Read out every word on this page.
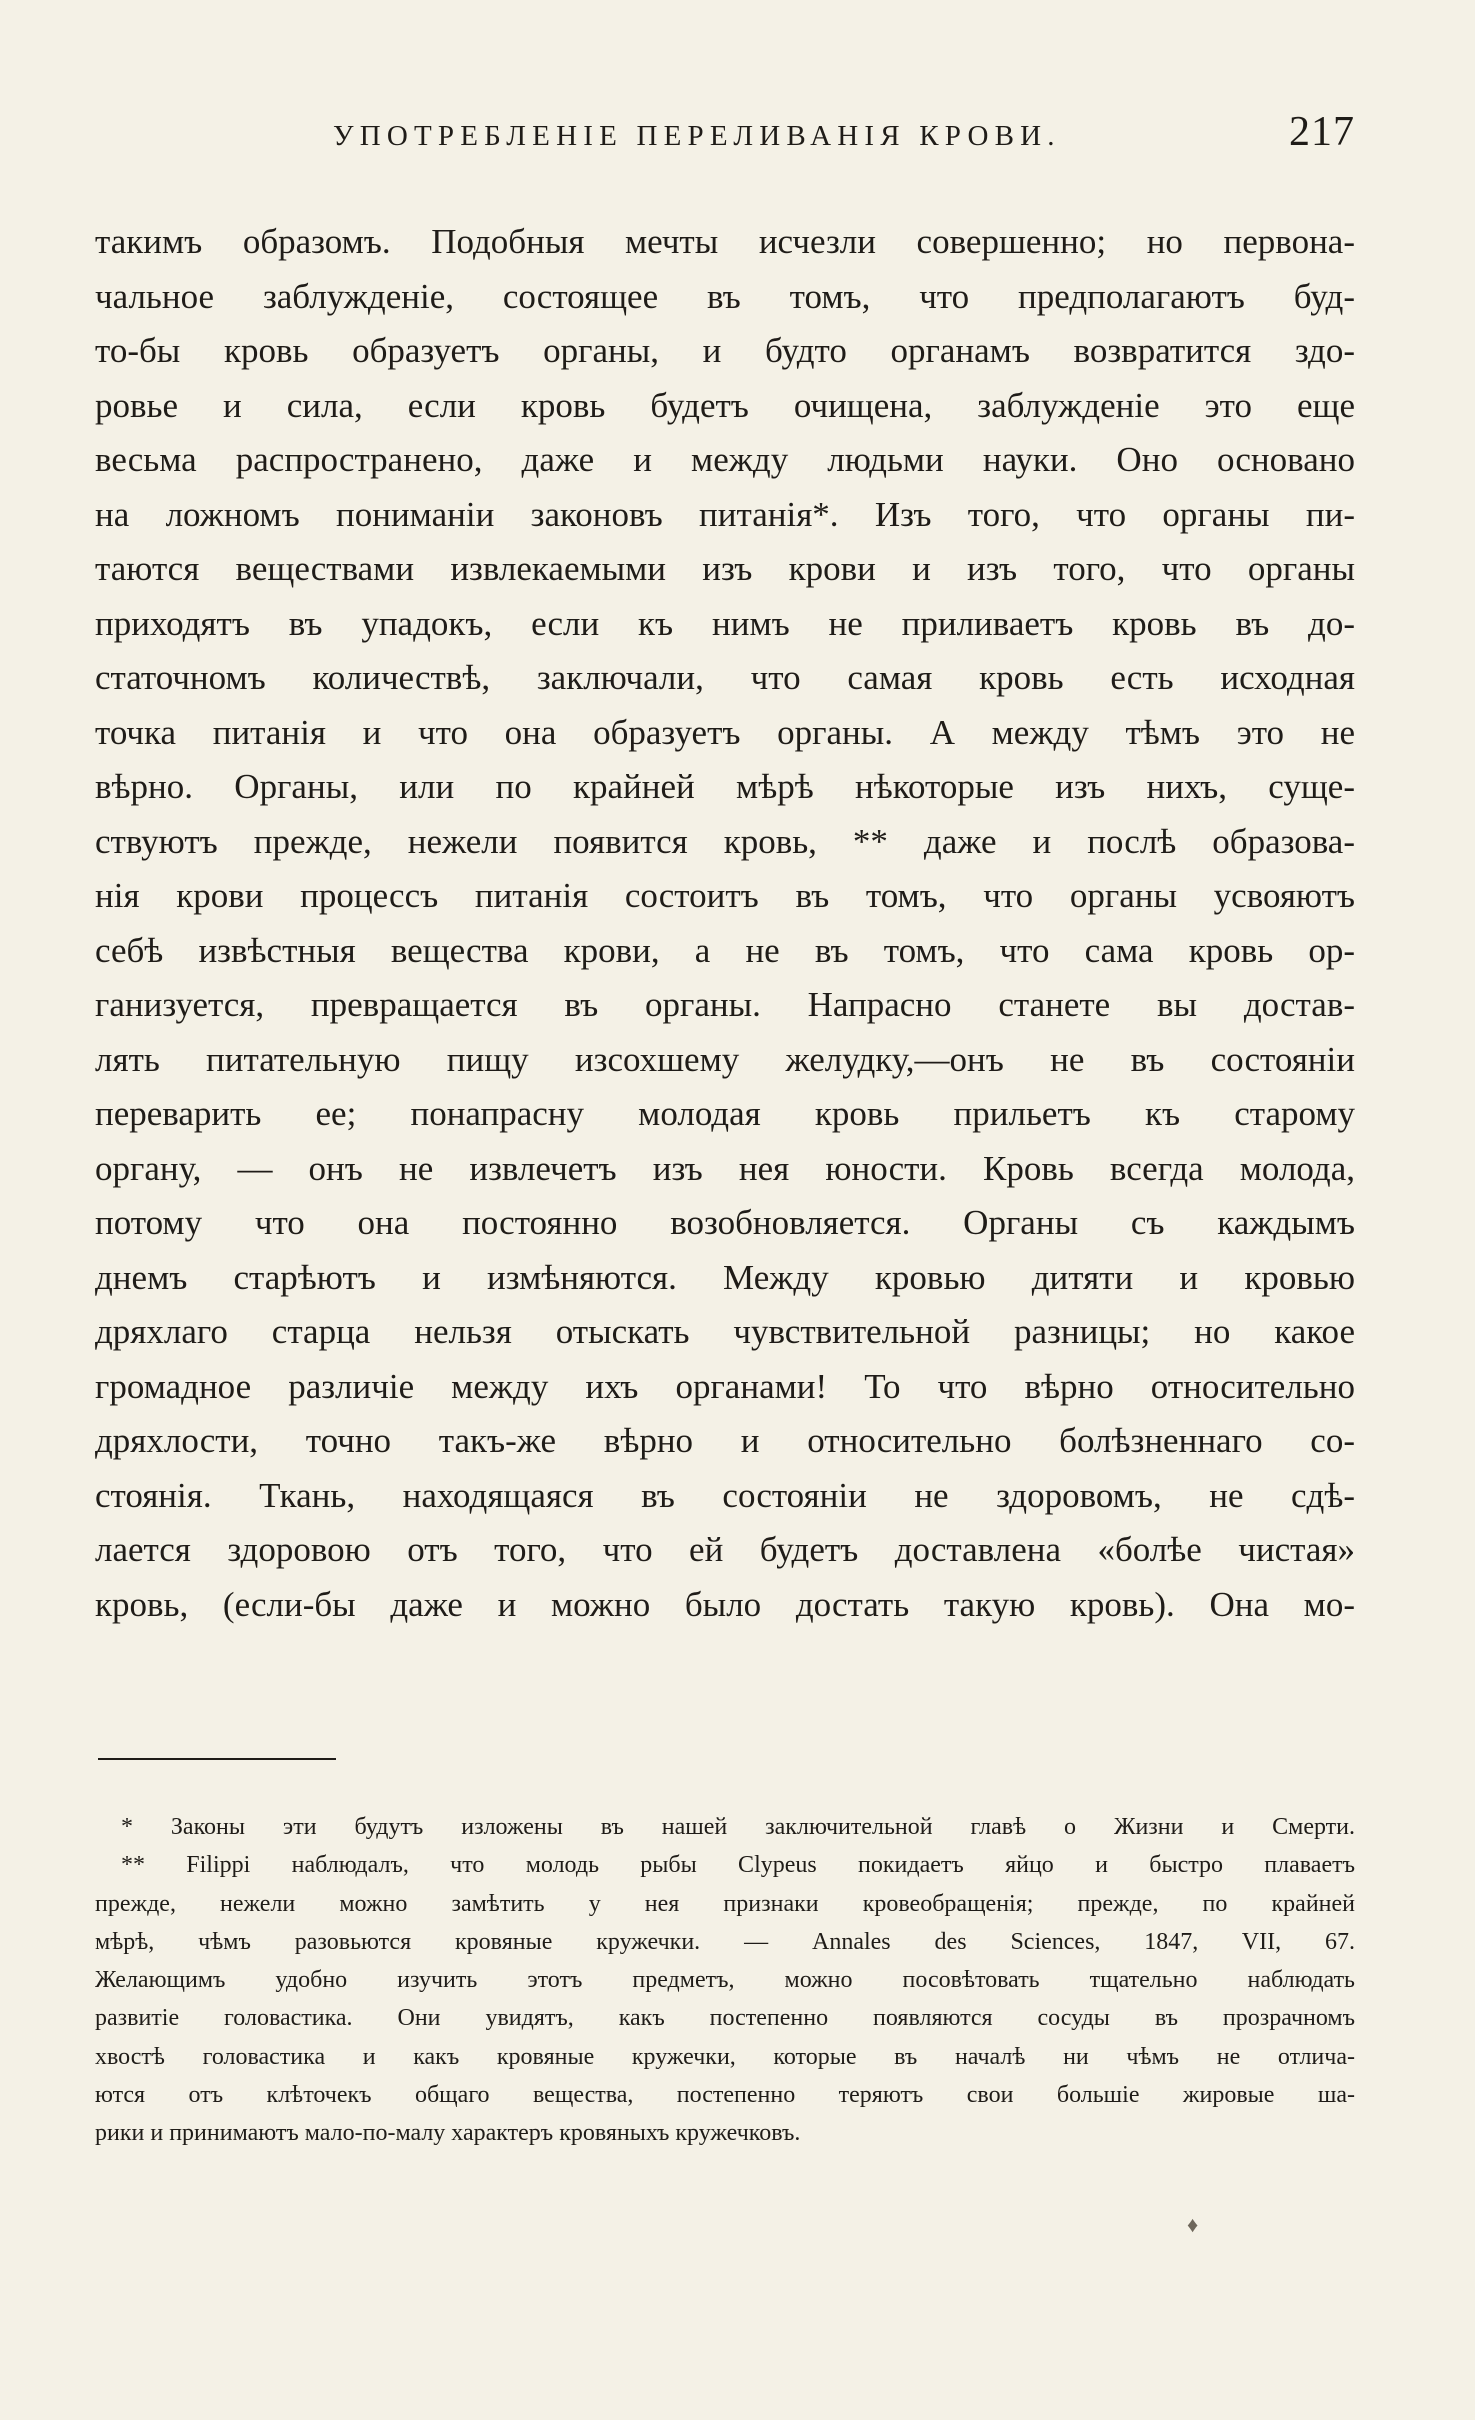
УПОТРЕБЛЕНІЕ ПЕРЕЛИВАНІЯ КРОВИ.	217
такимъ образомъ. Подобныя мечты исчезли совершенно; но первона-
чальное заблужденіе, состоящее въ томъ, что предполагаютъ буд-
то-бы кровь образуетъ органы, и будто органамъ возвратится здо-
ровье и сила, если кровь будетъ очищена, заблужденіе это еще
весьма распространено, даже и между людьми науки. Оно основано
на ложномъ пониманіи законовъ питанія*. Изъ того, что органы пи-
таются веществами извлекаемыми изъ крови и изъ того, что органы
приходятъ въ упадокъ, если къ нимъ не приливаетъ кровь въ до-
статочномъ количествѣ, заключали, что самая кровь есть исходная
точка питанія и что она образуетъ органы. А между тѣмъ это не
вѣрно. Органы, или по крайней мѣрѣ нѣкоторые изъ нихъ, суще-
ствуютъ прежде, нежели появится кровь, ** даже и послѣ образова-
нія крови процессъ питанія состоитъ въ томъ, что органы усвояютъ
себѣ извѣстныя вещества крови, а не въ томъ, что сама кровь ор-
ганизуется, превращается въ органы. Напрасно станете вы достав-
лять питательную пищу изсохшему желудку,—онъ не въ состояніи
переварить ее; понапрасну молодая кровь прильетъ къ старому
органу, — онъ не извлечетъ изъ нея юности. Кровь всегда молода,
потому что она постоянно возобновляется. Органы съ каждымъ
днемъ старѣютъ и измѣняются. Между кровью дитяти и кровью
дряхлаго старца нельзя отыскать чувствительной разницы; но какое
громадное различіе между ихъ органами! То что вѣрно относительно
дряхлости, точно такъ-же вѣрно и относительно болѣзненнаго со-
стоянія. Ткань, находящаяся въ состояніи не здоровомъ, не сдѣ-
лается здоровою отъ того, что ей будетъ доставлена «болѣе чистая»
кровь, (если-бы даже и можно было достать такую кровь). Она мо-
* Законы эти будутъ изложены въ нашей заключительной главѣ о Жизни и Смерти.
** Filippi наблюдалъ, что молодь рыбы Clypeus покидаетъ яйцо и быстро плаваетъ
прежде, нежели можно замѣтить у нея признаки кровеобращенія; прежде, по крайней
мѣрѣ, чѣмъ разовьются кровяные кружечки. — Annales des Sciences, 1847, VII, 67.
Желающимъ удобно изучить этотъ предметъ, можно посовѣтовать тщательно наблюдать
развитіе головастика. Они увидятъ, какъ постепенно появляются сосуды въ прозрачномъ
хвостѣ головастика и какъ кровяные кружечки, которые въ началѣ ни чѣмъ не отлича-
ются отъ клѣточекъ общаго вещества, постепенно теряютъ свои большіе жировые ша-
рики и принимаютъ мало-по-малу характеръ кровяныхъ кружечковъ.
♦
